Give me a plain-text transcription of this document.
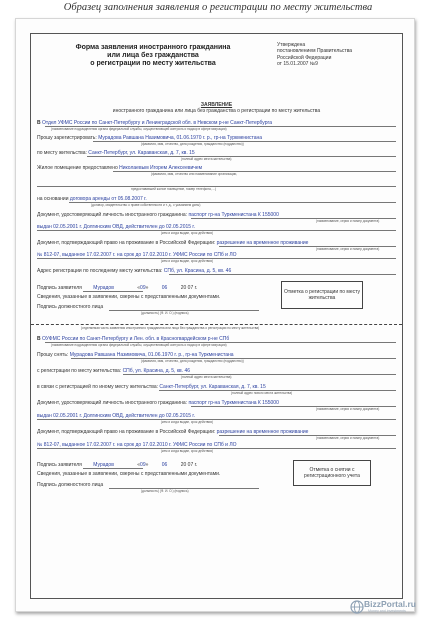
Образец заполнения заявления о регистрации по месту жительства
Форма заявления иностранного гражданина
или лица без гражданства
о регистрации по месту жительства
Утверждена
постановлением Правительства
Российской Федерации
от 15.01.2007 №9
ЗАЯВЛЕНИЕ
иностранного гражданина или лица без гражданства о регистрации по месту жительства
В Отдел УФМС России по Санкт-Петербургу и Ленинградской обл. в Невском р-не Санкт-Петербурга
(наименование подразделения органа федеральной службы, осуществляющей контроль и надзор в сфере миграции)
Прошу зарегистрировать: Мурадова Равшана Назимовича, 01.06.1970 г. р., гр-на Туркменистана
(фамилия, имя, отчество, дата рождения, гражданство (подданство))
по месту жительства: Санкт-Петербург, ул. Караванская, д. 7, кв. 15
(полный адрес места жительства)
Жилое помещение предоставлено Николаевым Игорем Алексеевичем
(фамилия, имя, отчество или наименование организации,
предоставившей жилое помещение, номер телефона, ...)
на основании договора аренды от 05.08.2007 г.
(договор, свидетельство о праве собственности и т. д., с указанием даты)
Документ, удостоверяющий личность иностранного гражданина: паспорт гр-на Туркменистана К 155000
(наименование, серия и номер документа)
выдан 02.05.2001 г. Долгинским ОВД, действителен до 02.05.2015 г.
(кем и когда выдан, срок действия)
Документ, подтверждающий право на проживание в Российской Федерации: разрешение на временное проживание
(наименование, серия и номер документа)
№ 812-07, выданное 17.02.2007 г. на срок до 17.02.2010 г. УФМС России по СПб и ЛО
(кем и когда выдан, срок действия)
Адрес регистрации по последнему месту жительства: СПб, ул. Красина, д. 5, кв. 46
Подпись заявителя Мурадов	«09»	06	20 07 г.
Сведения, указанные в заявлении, сверены с представленными документами.
Подпись должностного лица
(должность) (Ф. И. О.) (подпись)
Отметка о регистрации по месту жительства
(отделяемая часть заявления иностранного гражданина или лица без гражданства о регистрации по месту жительства)
В ОУФМС России по Санкт-Петербургу и Лен. обл. в Красногвардейском р-не СПб
(наименование подразделения органа федеральной службы, осуществляющей контроль и надзор в сфере миграции)
Прошу снять: Мурадова Равшана Назимовича, 01.06.1970 г. р., гр-на Туркменистана
(фамилия, имя, отчество, дата рождения, гражданство (подданство))
с регистрации по месту жительства: СПб, ул. Красина, д. 5, кв. 46
(полный адрес места жительства)
в связи с регистрацией по иному месту жительства: Санкт-Петербург, ул. Караванская, д. 7, кв. 15
(полный адрес нового места жительства)
Документ, удостоверяющий личность иностранного гражданина: паспорт гр-на Туркменистана К 155000
(наименование, серия и номер документа)
выдан 02.05.2001 г. Долгинским ОВД, действителен до 02.05.2015 г.
(кем и когда выдан, срок действия)
Документ, подтверждающий право на проживание в Российской Федерации: разрешение на временное проживание
(наименование, серия и номер документа)
№ 812-07, выданное 17.02.2007 г. на срок до 17.02.2010 г. УФМС России по СПб и ЛО
(кем и когда выдан, срок действия)
Подпись заявителя Мурадов	«09»	06	20 07 г.
Сведения, указанные в заявлении, сверены с представленными документами.
Подпись должностного лица
(должность) (Ф. И. О.) (подпись)
Отметка о снятии с регистрационного учета
BizzPortal.ru
Money and investments
